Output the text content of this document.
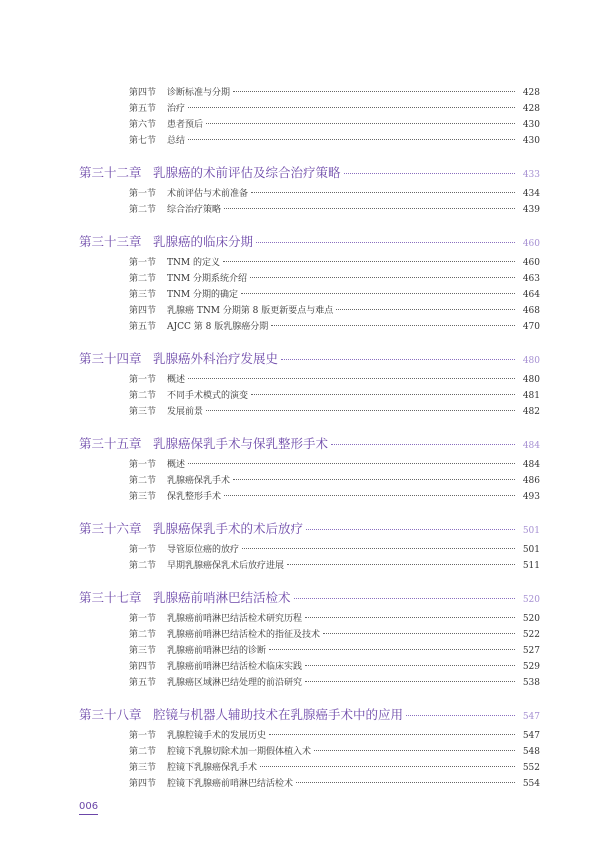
第四节	诊断标准与分期	428
第五节	治疗	428
第六节	患者预后	430
第七节	总结	430
第三十二章 乳腺癌的术前评估及综合治疗策略	433
第一节	术前评估与术前准备	434
第二节	综合治疗策略	439
第三十三章 乳腺癌的临床分期	460
第一节	TNM 的定义	460
第二节	TNM 分期系统介绍	463
第三节	TNM 分期的确定	464
第四节	乳腺癌 TNM 分期第 8 版更新要点与难点	468
第五节	AJCC 第 8 版乳腺癌分期	470
第三十四章 乳腺癌外科治疗发展史	480
第一节	概述	480
第二节	不同手术模式的演变	481
第三节	发展前景	482
第三十五章 乳腺癌保乳手术与保乳整形手术	484
第一节	概述	484
第二节	乳腺癌保乳手术	486
第三节	保乳整形手术	493
第三十六章 乳腺癌保乳手术的术后放疗	501
第一节	导管原位癌的放疗	501
第二节	早期乳腺癌保乳术后放疗进展	511
第三十七章 乳腺癌前哨淋巴结活检术	520
第一节	乳腺癌前哨淋巴结活检术研究历程	520
第二节	乳腺癌前哨淋巴结活检术的指征及技术	522
第三节	乳腺癌前哨淋巴结的诊断	527
第四节	乳腺癌前哨淋巴结活检术临床实践	529
第五节	乳腺癌区域淋巴结处理的前沿研究	538
第三十八章 腔镜与机器人辅助技术在乳腺癌手术中的应用	547
第一节	乳腺腔镜手术的发展历史	547
第二节	腔镜下乳腺切除术加一期假体植入术	548
第三节	腔镜下乳腺癌保乳手术	552
第四节	腔镜下乳腺癌前哨淋巴结活检术	554
006
